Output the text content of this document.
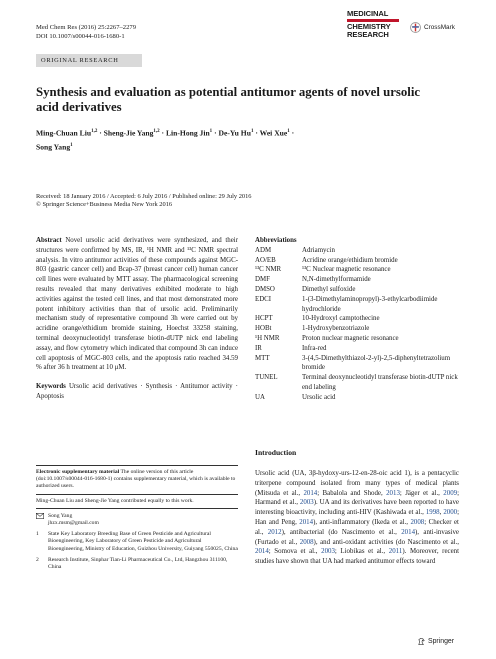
Med Chem Res (2016) 25:2267–2279
DOI 10.1007/s00044-016-1680-1
MEDICINAL
CHEMISTRY
RESEARCH
CrossMark
ORIGINAL RESEARCH
Synthesis and evaluation as potential antitumor agents of novel ursolic
acid derivatives
Ming-Chuan Liu$^{1,2}$ · Sheng-Jie Yang$^{1,2}$ · Lin-Hong Jin$^1$ · De-Yu $Hu^1$ · Wei Xue$^1$ ·
Song Yang$^1$
Received: 18 January 2016 / Accepted: 6 July 2016 / Published online: 29 July 2016
© Springer Science+Business Media New York 2016
Abstract Novel ursolic acid derivatives were synthesized, and their structures were confirmed by MS, IR, ¹H NMR and ¹³C NMR spectral analysis. In vitro antitumor activities of these compounds against MGC-803 (gastric cancer cell) and Bcap-37 (breast cancer cell) human cancer cell lines were evaluated by MTT assay. The pharmacological screening results revealed that many derivatives exhibited moderate to high activities against the tested cell lines, and that most demonstrated more potent inhibitory activities than that of ursolic acid. Preliminarily mechanism study of representative compound 3h were carried out by acridine orange/ethidium bromide staining, Hoechst 33258 staining, terminal deoxynucleotidyl transferase biotin-dUTP nick end labeling assay, and flow cytometry which indicated that compound 3h can induce cell apoptosis of MGC-803 cells, and the apoptosis ratio reached 34.59 % after 36 h treatment at 10 μM.
Keywords Ursolic acid derivatives · Synthesis · Antitumor activity · Apoptosis
Electronic supplementary material The online version of this article (doi:10.1007/s00044-016-1680-1) contains supplementary material, which is available to authorized users.
Ming-Chuan Liu and Sheng-Jie Yang contributed equally to this work.
Song Yang
jhzx.msm@gmail.com
1	State Key Laboratory Breeding Base of Green Pesticide and Agricultural Bioengineering, Key Laboratory of Green Pesticide and Agricultural Bioengineering, Ministry of Education, Guizhou University, Guiyang 550025, China
2	Research Institute, Sinphar Tian-Li Pharmaceutical Co., Ltd, Hangzhou 311100, China
Abbreviations
ADM	Adriamycin
AO/EB	Acridine orange/ethidium bromide
¹³C NMR	¹³C Nuclear magnetic resonance
DMF	N,N-dimethylformamide
DMSO	Dimethyl sulfoxide
EDCI	1-(3-Dimethylaminopropyl)-3-ethylcarbodiimide hydrochloride
HCPT	10-Hydroxyl camptothecine
HOBt	1-Hydroxybenzotriazole
¹H NMR	Proton nuclear magnetic resonance
IR	Infra-red
MTT	3-(4,5-Dimethylthiazol-2-yl)-2,5-diphenyltetrazolium bromide
TUNEL	Terminal deoxynucleotidyl transferase biotin-dUTP nick end labeling
UA	Ursolic acid
Introduction
Ursolic acid (UA, 3β-hydoxy-urs-12-en-28-oic acid 1), is a pentacyclic triterpene compound isolated from many types of medical plants (Mitsuda et al., 2014; Babalola and Shode, 2013; Jäger et al., 2009; Harmand et al., 2003). UA and its derivatives have been reported to have interesting bioactivity, including anti-HIV (Kashiwada et al., 1998, 2000; Han and Peng, 2014), anti-inflammatory (Ikeda et al., 2008; Checker et al., 2012), antibacterial (do Nascimento et al., 2014), anti-invasive (Furtado et al., 2008), and anti-oxidant activities (do Nascimento et al., 2014; Somova et al., 2003; Liobikas et al., 2011). Moreover, recent studies have shown that UA had marked antitumor effects toward
Springer
